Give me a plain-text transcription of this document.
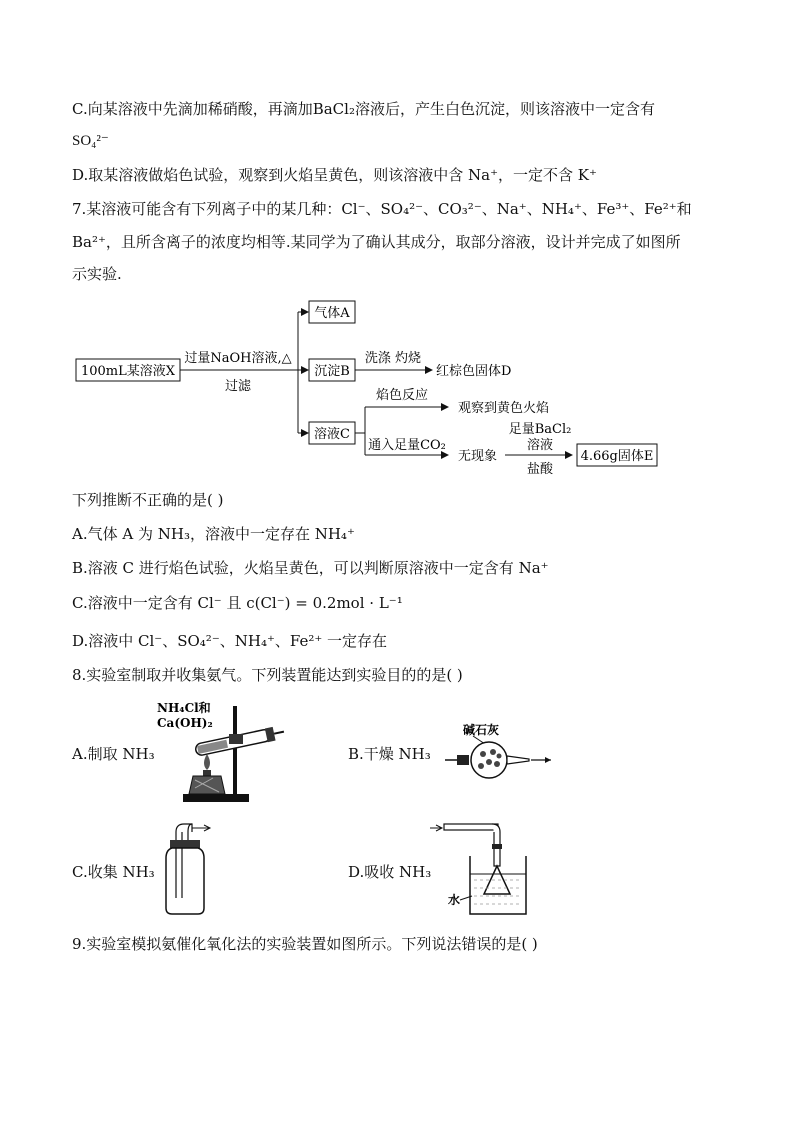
C.向某溶液中先滴加稀硝酸，再滴加BaCl₂溶液后，产生白色沉淀，则该溶液中一定含有
SO₄²⁻
D.取某溶液做焰色试验，观察到火焰呈黄色，则该溶液中含 Na⁺，一定不含 K⁺
7.某溶液可能含有下列离子中的某几种：Cl⁻、SO₄²⁻、CO₃²⁻、Na⁺、NH₄⁺、Fe³⁺、Fe²⁺和
Ba²⁺，且所含离子的浓度均相等.某同学为了确认其成分，取部分溶液，设计并完成了如图所
示实验.
100mL某溶液X
过量NaOH溶液,△
过滤
气体A
沉淀B
洗涤 灼烧
红棕色固体D
溶液C
焰色反应
观察到黄色火焰
通入足量CO₂
无现象
足量BaCl₂
溶液
盐酸
4.66g固体E
下列推断不正确的是( )
A.气体 A 为 NH₃，溶液中一定存在 NH₄⁺
B.溶液 C 进行焰色试验，火焰呈黄色，可以判断原溶液中一定含有 Na⁺
C.溶液中一定含有 Cl⁻ 且 c(Cl⁻) = 0.2mol · L⁻¹
D.溶液中 Cl⁻、SO₄²⁻、NH₄⁺、Fe²⁺ 一定存在
8.实验室制取并收集氨气。下列装置能达到实验目的的是( )
A.制取 NH₃	B.干燥 NH₃
C.收集 NH₃	D.吸收 NH₃
NH₄Cl和
Ca(OH)₂	碱石灰
水
9.实验室模拟氨催化氧化法的实验装置如图所示。下列说法错误的是( )
